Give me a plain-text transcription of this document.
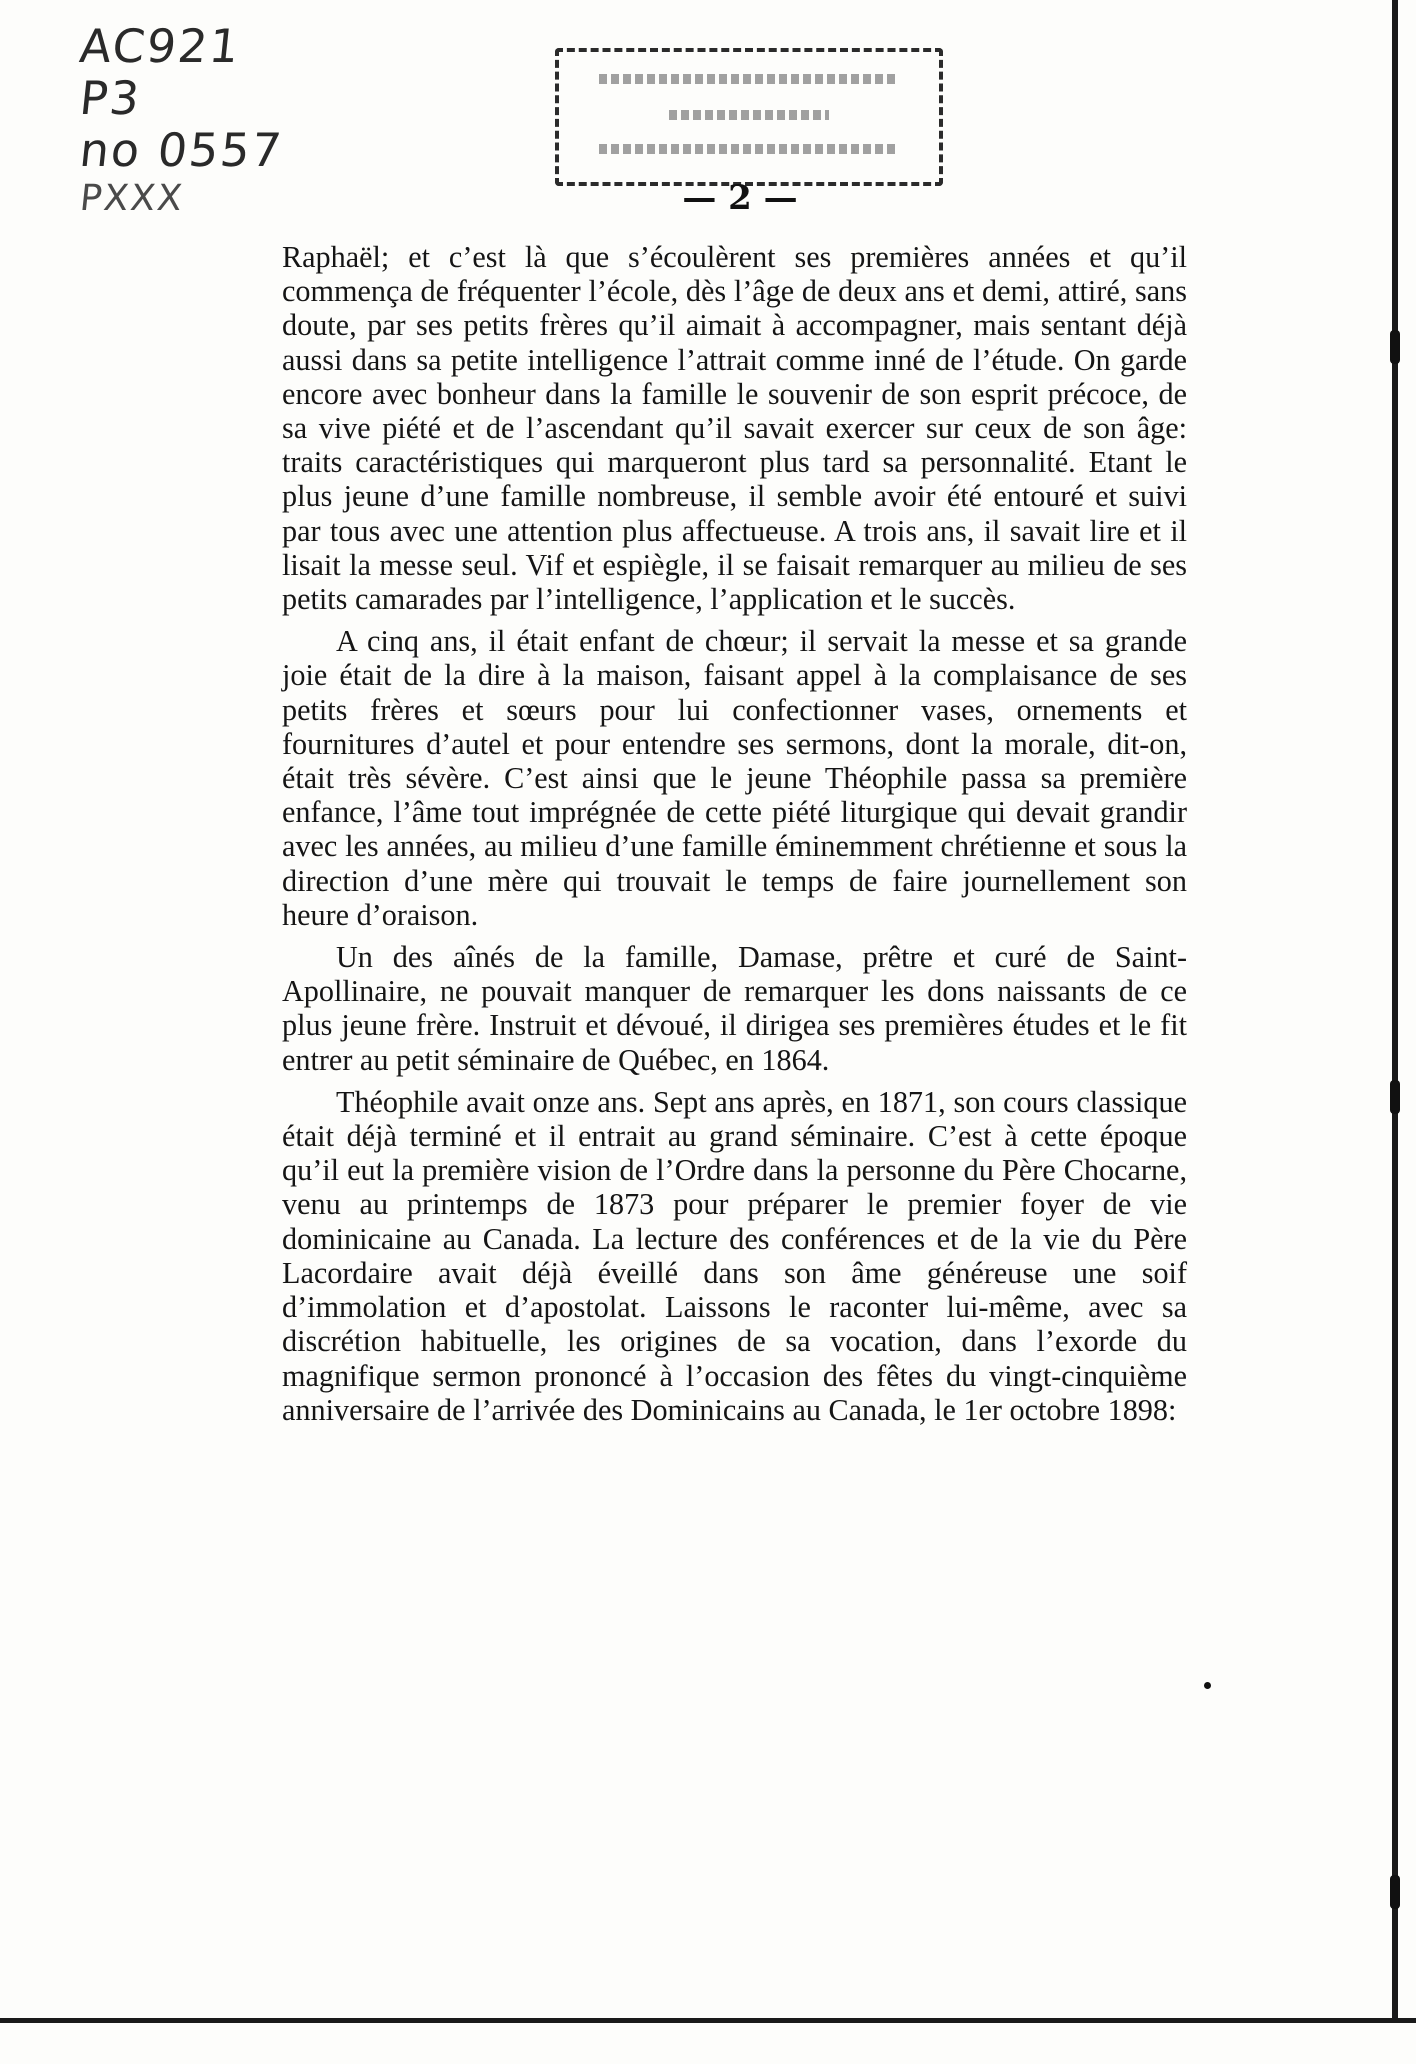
AC921
P3
no 0557
PXXX	— 2 —

Raphaël; et c’est là que s’écoulèrent ses premières années et qu’il commença de fréquenter l’école, dès l’âge de deux ans et demi, attiré, sans doute, par ses petits frères qu’il aimait à accompagner, mais sentant déjà aussi dans sa petite intelligence l’attrait comme inné de l’étude. On garde encore avec bonheur dans la famille le souvenir de son esprit précoce, de sa vive piété et de l’ascendant qu’il savait exercer sur ceux de son âge: traits caractéristiques qui marqueront plus tard sa personnalité. Etant le plus jeune d’une famille nombreuse, il semble avoir été entouré et suivi par tous avec une attention plus affectueuse. A trois ans, il savait lire et il lisait la messe seul. Vif et espiègle, il se faisait remarquer au milieu de ses petits camarades par l’intelligence, l’application et le succès.

A cinq ans, il était enfant de chœur; il servait la messe et sa grande joie était de la dire à la maison, faisant appel à la complaisance de ses petits frères et sœurs pour lui confectionner vases, ornements et fournitures d’autel et pour entendre ses sermons, dont la morale, dit-on, était très sévère. C’est ainsi que le jeune Théophile passa sa première enfance, l’âme tout imprégnée de cette piété liturgique qui devait grandir avec les années, au milieu d’une famille éminemment chrétienne et sous la direction d’une mère qui trouvait le temps de faire journellement son heure d’oraison.

Un des aînés de la famille, Damase, prêtre et curé de Saint-Apollinaire, ne pouvait manquer de remarquer les dons naissants de ce plus jeune frère. Instruit et dévoué, il dirigea ses premières études et le fit entrer au petit séminaire de Québec, en 1864.

Théophile avait onze ans. Sept ans après, en 1871, son cours classique était déjà terminé et il entrait au grand séminaire. C’est à cette époque qu’il eut la première vision de l’Ordre dans la personne du Père Chocarne, venu au printemps de 1873 pour préparer le premier foyer de vie dominicaine au Canada. La lecture des conférences et de la vie du Père Lacordaire avait déjà éveillé dans son âme généreuse une soif d’immolation et d’apostolat. Laissons le raconter lui-même, avec sa discrétion habituelle, les origines de sa vocation, dans l’exorde du magnifique sermon prononcé à l’occasion des fêtes du vingt-cinquième anniversaire de l’arrivée des Dominicains au Canada, le 1er octobre 1898:
